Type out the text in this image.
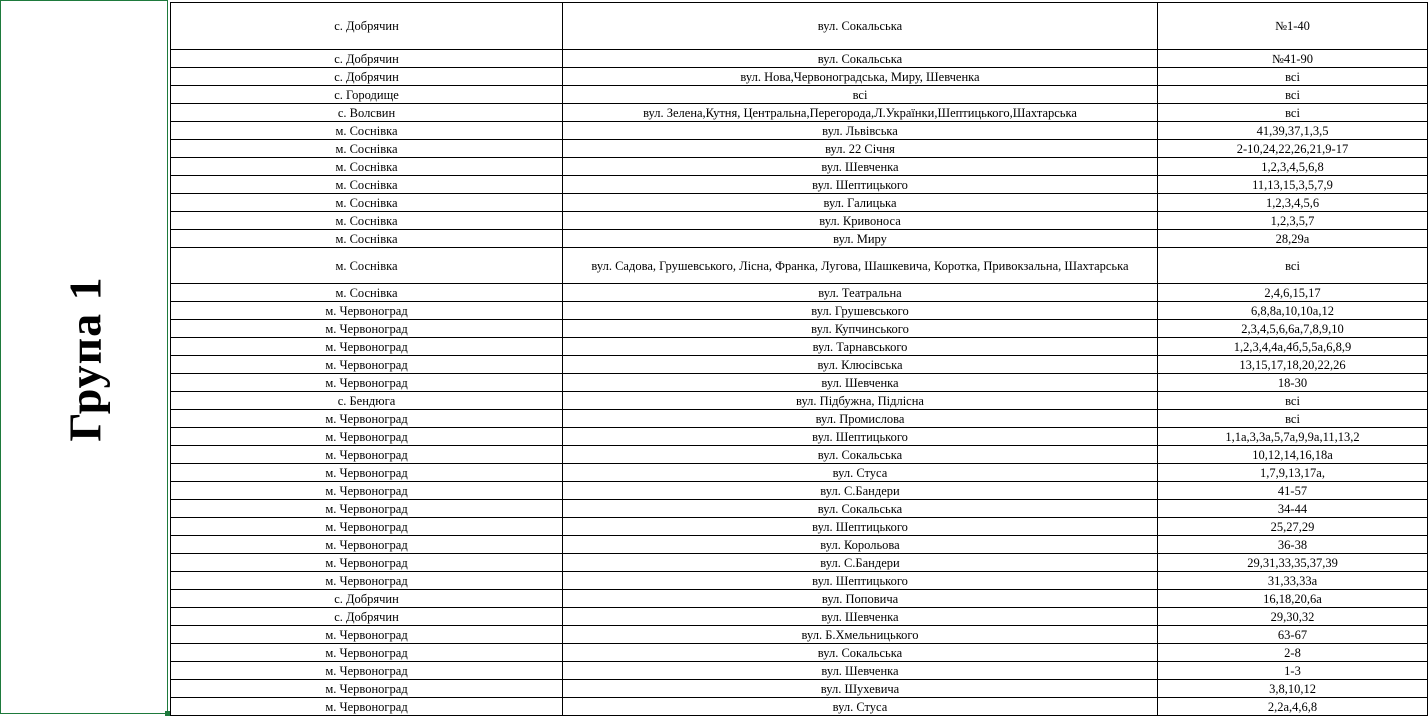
Група 1
с. Добрячин	вул. Сокальська	№1-40
с. Добрячин	вул. Сокальська	№41-90
с. Добрячин	вул. Нова,Червоноградська, Миру, Шевченка	всі
с. Городище	всі	всі
с. Волсвин	вул. Зелена,Кутня, Центральна,Перегорода,Л.Українки,Шептицького,Шахтарська	всі
м. Соснівка	вул. Львівська	41,39,37,1,3,5
м. Соснівка	вул. 22 Січня	2-10,24,22,26,21,9-17
м. Соснівка	вул. Шевченка	1,2,3,4,5,6,8
м. Соснівка	вул. Шептицького	11,13,15,3,5,7,9
м. Соснівка	вул. Галицька	1,2,3,4,5,6
м. Соснівка	вул. Кривоноса	1,2,3,5,7
м. Соснівка	вул. Миру	28,29а
м. Соснівка	вул. Садова, Грушевського, Лісна, Франка, Лугова, Шашкевича, Коротка, Привокзальна, Шахтарська	всі
м. Соснівка	вул. Театральна	2,4,6,15,17
м. Червоноград	вул. Грушевського	6,8,8а,10,10а,12
м. Червоноград	вул. Купчинського	2,3,4,5,6,6а,7,8,9,10
м. Червоноград	вул. Тарнавського	1,2,3,4,4а,4б,5,5а,6,8,9
м. Червоноград	вул. Клюсівська	13,15,17,18,20,22,26
м. Червоноград	вул. Шевченка	18-30
с. Бендюга	вул. Підбужна, Підлісна	всі
м. Червоноград	вул. Промислова	всі
м. Червоноград	вул. Шептицького	1,1а,3,3а,5,7а,9,9а,11,13,2
м. Червоноград	вул. Сокальська	10,12,14,16,18а
м. Червоноград	вул. Стуса	1,7,9,13,17а,
м. Червоноград	вул. С.Бандери	41-57
м. Червоноград	вул. Сокальська	34-44
м. Червоноград	вул. Шептицького	25,27,29
м. Червоноград	вул. Корольова	36-38
м. Червоноград	вул. С.Бандери	29,31,33,35,37,39
м. Червоноград	вул. Шептицького	31,33,33а
с. Добрячин	вул. Поповича	16,18,20,6а
с. Добрячин	вул. Шевченка	29,30,32
м. Червоноград	вул. Б.Хмельницького	63-67
м. Червоноград	вул. Сокальська	2-8
м. Червоноград	вул. Шевченка	1-3
м. Червоноград	вул. Шухевича	3,8,10,12
м. Червоноград	вул. Стуса	2,2а,4,6,8
